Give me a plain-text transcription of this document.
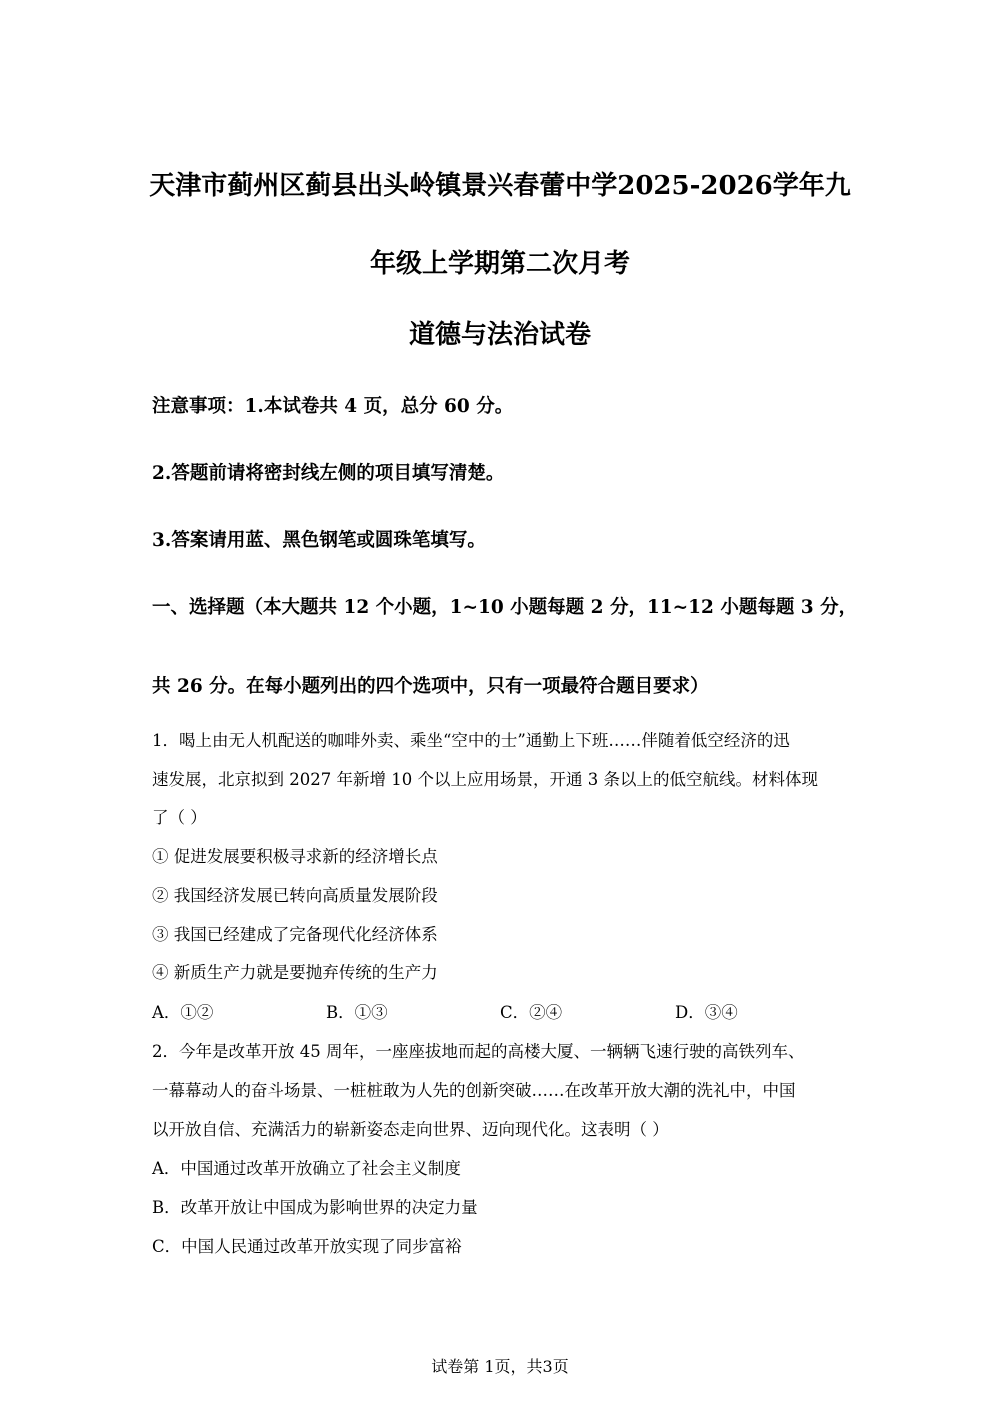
天津市蓟州区蓟县出头岭镇景兴春蕾中学2025-2026学年九
年级上学期第二次月考
道德与法治试卷
注意事项：1.本试卷共 4 页，总分 60 分。
2.答题前请将密封线左侧的项目填写清楚。
3.答案请用蓝、黑色钢笔或圆珠笔填写。
一、选择题（本大题共 12 个小题，1~10 小题每题 2 分，11~12 小题每题 3 分，
共 26 分。在每小题列出的四个选项中，只有一项最符合题目要求）
1．喝上由无人机配送的咖啡外卖、乘坐“空中的士”通勤上下班……伴随着低空经济的迅
速发展，北京拟到 2027 年新增 10 个以上应用场景，开通 3 条以上的低空航线。材料体现
了（ ）
① 促进发展要积极寻求新的经济增长点
② 我国经济发展已转向高质量发展阶段
③ 我国已经建成了完备现代化经济体系
④ 新质生产力就是要抛弃传统的生产力
A．①②	B．①③	C．②④	D．③④
2．今年是改革开放 45 周年，一座座拔地而起的高楼大厦、一辆辆飞速行驶的高铁列车、
一幕幕动人的奋斗场景、一桩桩敢为人先的创新突破……在改革开放大潮的洗礼中，中国
以开放自信、充满活力的崭新姿态走向世界、迈向现代化。这表明（ ）
A．中国通过改革开放确立了社会主义制度
B．改革开放让中国成为影响世界的决定力量
C．中国人民通过改革开放实现了同步富裕
试卷第 1页，共3页
